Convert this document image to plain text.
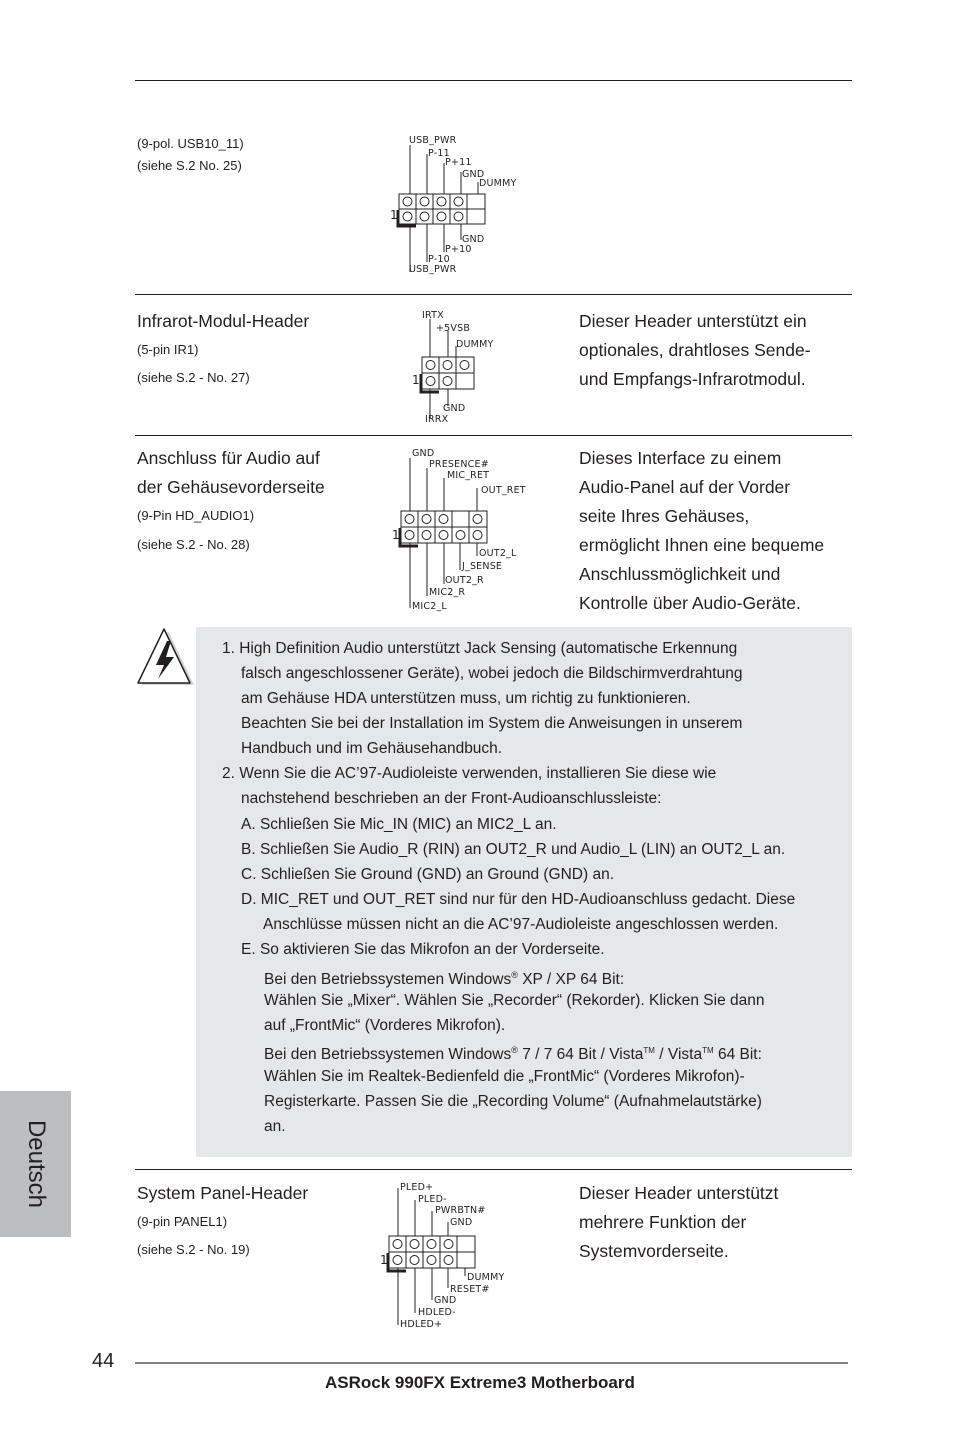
(9-pol. USB10_11)
(siehe S.2 No. 25)
USB_PWR
P-11
P+11
GND
DUMMY
1
GND
P+10
P-10
USB_PWR
Infrarot-Modul-Header
(5-pin IR1)
(siehe S.2 - No. 27)
Dieser Header unterstützt ein
optionales, drahtloses Sende-
und Empfangs-Infrarotmodul.
IRTX
+5VSB
DUMMY
1
GND
IRRX
Anschluss für Audio auf
der Gehäusevorderseite
(9-Pin HD_AUDIO1)
(siehe S.2 - No. 28)
Dieses Interface zu einem
Audio-Panel auf der Vorder
seite Ihres Gehäuses,
ermöglicht Ihnen eine bequeme
Anschlussmöglichkeit und
Kontrolle über Audio-Geräte.
GND
PRESENCE#
MIC_RET
OUT_RET
1
OUT2_L
J_SENSE
OUT2_R
MIC2_R
MIC2_L
1. High Definition Audio unterstützt Jack Sensing (automatische Erkennung
falsch angeschlossener Geräte), wobei jedoch die Bildschirmverdrahtung
am Gehäuse HDA unterstützen muss, um richtig zu funktionieren.
Beachten Sie bei der Installation im System die Anweisungen in unserem
Handbuch und im Gehäusehandbuch.
2. Wenn Sie die AC’97-Audioleiste verwenden, installieren Sie diese wie
nachstehend beschrieben an der Front-Audioanschlussleiste:
A. Schließen Sie Mic_IN (MIC) an MIC2_L an.
B. Schließen Sie Audio_R (RIN) an OUT2_R und Audio_L (LIN) an OUT2_L an.
C. Schließen Sie Ground (GND) an Ground (GND) an.
D. MIC_RET und OUT_RET sind nur für den HD-Audioanschluss gedacht. Diese
Anschlüsse müssen nicht an die AC’97-Audioleiste angeschlossen werden.
E. So aktivieren Sie das Mikrofon an der Vorderseite.
Bei den Betriebssystemen Windows® XP / XP 64 Bit:
Wählen Sie „Mixer“. Wählen Sie „Recorder“ (Rekorder). Klicken Sie dann
auf „FrontMic“ (Vorderes Mikrofon).
Bei den Betriebssystemen Windows® 7 / 7 64 Bit / Vista™ / Vista™ 64 Bit:
Wählen Sie im Realtek-Bedienfeld die „FrontMic“ (Vorderes Mikrofon)-
Registerkarte. Passen Sie die „Recording Volume“ (Aufnahmelautstärke)
an.
System Panel-Header
(9-pin PANEL1)
(siehe S.2 - No. 19)
Dieser Header unterstützt
mehrere Funktion der
Systemvorderseite.
PLED+
PLED-
PWRBTN#
GND
1
DUMMY
RESET#
GND
HDLED-
HDLED+
Deutsch
44
ASRock 990FX Extreme3 Motherboard
